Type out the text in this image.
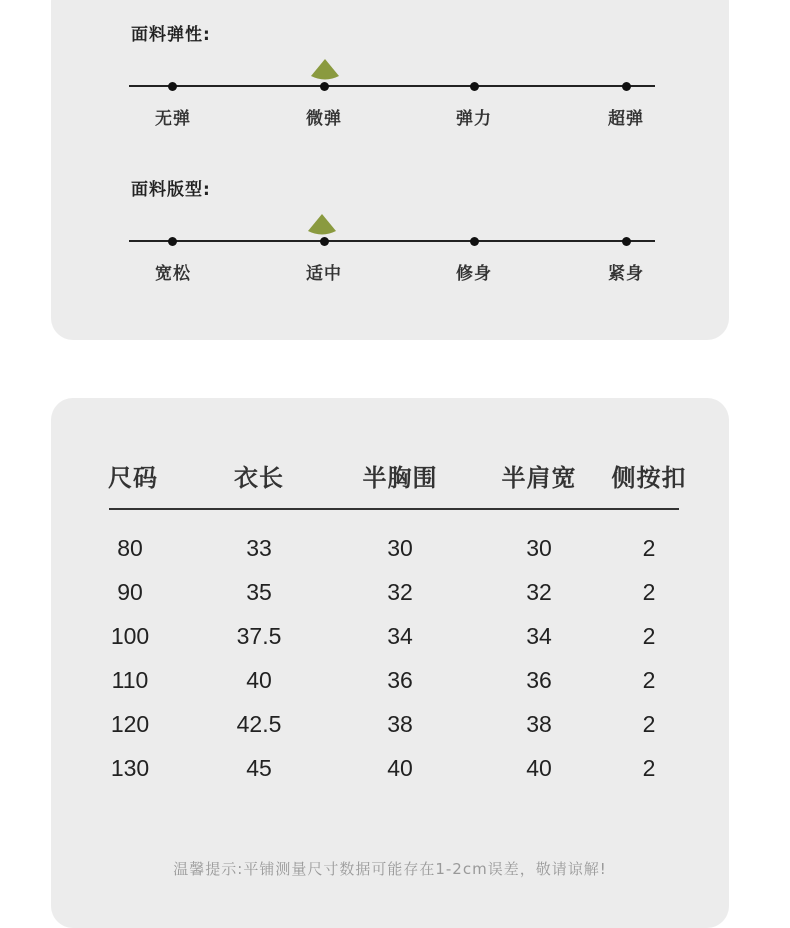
面料弹性:
无弹	微弹	弹力	超弹
面料版型:
宽松	适中	修身	紧身
尺码	衣长	半胸围	半肩宽	侧按扣
80	33	30	30	2
90	35	32	32	2
100	37.5	34	34	2
110	40	36	36	2
120	42.5	38	38	2
130	45	40	40	2
温馨提示:平铺测量尺寸数据可能存在1-2cm误差，敬请谅解!
